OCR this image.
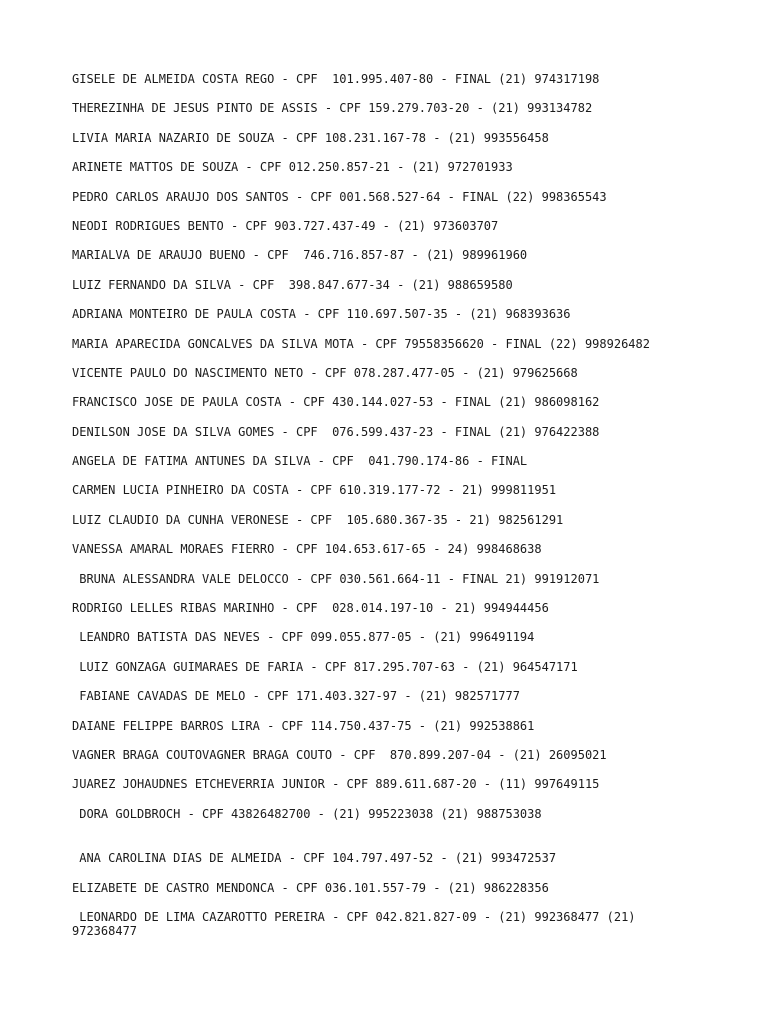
GISELE DE ALMEIDA COSTA REGO - CPF  101.995.407-80 - FINAL (21) 974317198

THEREZINHA DE JESUS PINTO DE ASSIS - CPF 159.279.703-20 - (21) 993134782

LIVIA MARIA NAZARIO DE SOUZA - CPF 108.231.167-78 - (21) 993556458

ARINETE MATTOS DE SOUZA - CPF 012.250.857-21 - (21) 972701933

PEDRO CARLOS ARAUJO DOS SANTOS - CPF 001.568.527-64 - FINAL (22) 998365543

NEODI RODRIGUES BENTO - CPF 903.727.437-49 - (21) 973603707

MARIALVA DE ARAUJO BUENO - CPF  746.716.857-87 - (21) 989961960

LUIZ FERNANDO DA SILVA - CPF  398.847.677-34 - (21) 988659580

ADRIANA MONTEIRO DE PAULA COSTA - CPF 110.697.507-35 - (21) 968393636

MARIA APARECIDA GONCALVES DA SILVA MOTA - CPF 79558356620 - FINAL (22) 998926482

VICENTE PAULO DO NASCIMENTO NETO - CPF 078.287.477-05 - (21) 979625668

FRANCISCO JOSE DE PAULA COSTA - CPF 430.144.027-53 - FINAL (21) 986098162

DENILSON JOSE DA SILVA GOMES - CPF  076.599.437-23 - FINAL (21) 976422388

ANGELA DE FATIMA ANTUNES DA SILVA - CPF  041.790.174-86 - FINAL

CARMEN LUCIA PINHEIRO DA COSTA - CPF 610.319.177-72 - 21) 999811951

LUIZ CLAUDIO DA CUNHA VERONESE - CPF  105.680.367-35 - 21) 982561291

VANESSA AMARAL MORAES FIERRO - CPF 104.653.617-65 - 24) 998468638

BRUNA ALESSANDRA VALE DELOCCO - CPF 030.561.664-11 - FINAL 21) 991912071

RODRIGO LELLES RIBAS MARINHO - CPF  028.014.197-10 - 21) 994944456

LEANDRO BATISTA DAS NEVES - CPF 099.055.877-05 - (21) 996491194

LUIZ GONZAGA GUIMARAES DE FARIA - CPF 817.295.707-63 - (21) 964547171

FABIANE CAVADAS DE MELO - CPF 171.403.327-97 - (21) 982571777

DAIANE FELIPPE BARROS LIRA - CPF 114.750.437-75 - (21) 992538861

VAGNER BRAGA COUTOVAGNER BRAGA COUTO - CPF  870.899.207-04 - (21) 26095021

JUAREZ JOHAUDNES ETCHEVERRIA JUNIOR - CPF 889.611.687-20 - (11) 997649115

DORA GOLDBROCH - CPF 43826482700 - (21) 995223038 (21) 988753038

ANA CAROLINA DIAS DE ALMEIDA - CPF 104.797.497-52 - (21) 993472537

ELIZABETE DE CASTRO MENDONCA - CPF 036.101.557-79 - (21) 986228356

LEONARDO DE LIMA CAZAROTTO PEREIRA - CPF 042.821.827-09 - (21) 992368477 (21) 972368477
